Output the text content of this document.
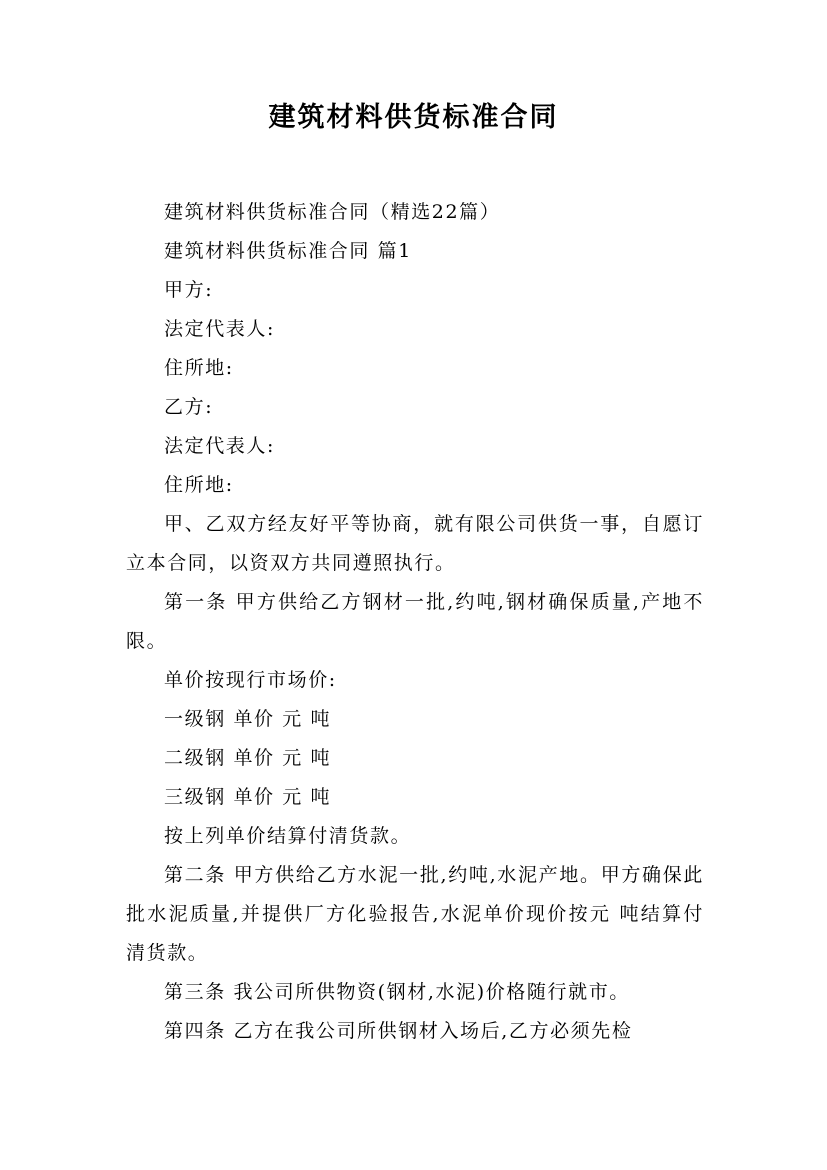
建筑材料供货标准合同

建筑材料供货标准合同（精选22篇）

建筑材料供货标准合同 篇1

甲方:

法定代表人:

住所地:

乙方:

法定代表人:

住所地:

甲、乙双方经友好平等协商，就有限公司供货一事，自愿订立本合同，以资双方共同遵照执行。

第一条 甲方供给乙方钢材一批,约吨,钢材确保质量,产地不限。

单价按现行市场价:

一级钢 单价 元 吨

二级钢 单价 元 吨

三级钢 单价 元 吨

按上列单价结算付清货款。

第二条 甲方供给乙方水泥一批,约吨,水泥产地。甲方确保此批水泥质量,并提供厂方化验报告,水泥单价现价按元 吨结算付清货款。

第三条 我公司所供物资(钢材,水泥)价格随行就市。

第四条 乙方在我公司所供钢材入场后,乙方必须先检
